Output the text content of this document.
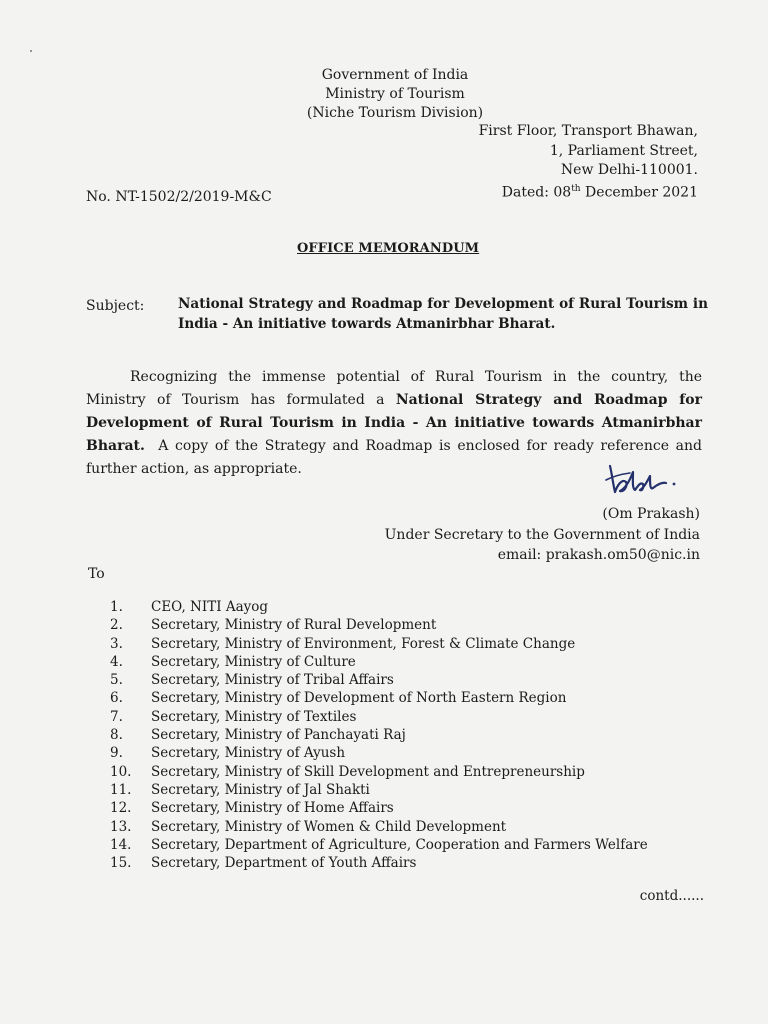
Government of India
Ministry of Tourism
(Niche Tourism Division)
First Floor, Transport Bhawan,
1, Parliament Street,
New Delhi-110001.
No. NT-1502/2/2019-M&C	Dated: 08th December 2021
OFFICE MEMORANDUM
Subject: National Strategy and Roadmap for Development of Rural Tourism in India - An initiative towards Atmanirbhar Bharat.
Recognizing the immense potential of Rural Tourism in the country, the Ministry of Tourism has formulated a National Strategy and Roadmap for Development of Rural Tourism in India - An initiative towards Atmanirbhar Bharat.  A copy of the Strategy and Roadmap is enclosed for ready reference and further action, as appropriate.
(Om Prakash)
Under Secretary to the Government of India
email: prakash.om50@nic.in
To
1.	CEO, NITI Aayog
2.	Secretary, Ministry of Rural Development
3.	Secretary, Ministry of Environment, Forest & Climate Change
4.	Secretary, Ministry of Culture
5.	Secretary, Ministry of Tribal Affairs
6.	Secretary, Ministry of Development of North Eastern Region
7.	Secretary, Ministry of Textiles
8.	Secretary, Ministry of Panchayati Raj
9.	Secretary, Ministry of Ayush
10.	Secretary, Ministry of Skill Development and Entrepreneurship
11.	Secretary, Ministry of Jal Shakti
12.	Secretary, Ministry of Home Affairs
13.	Secretary, Ministry of Women & Child Development
14.	Secretary, Department of Agriculture, Cooperation and Farmers Welfare
15.	Secretary, Department of Youth Affairs
contd......
